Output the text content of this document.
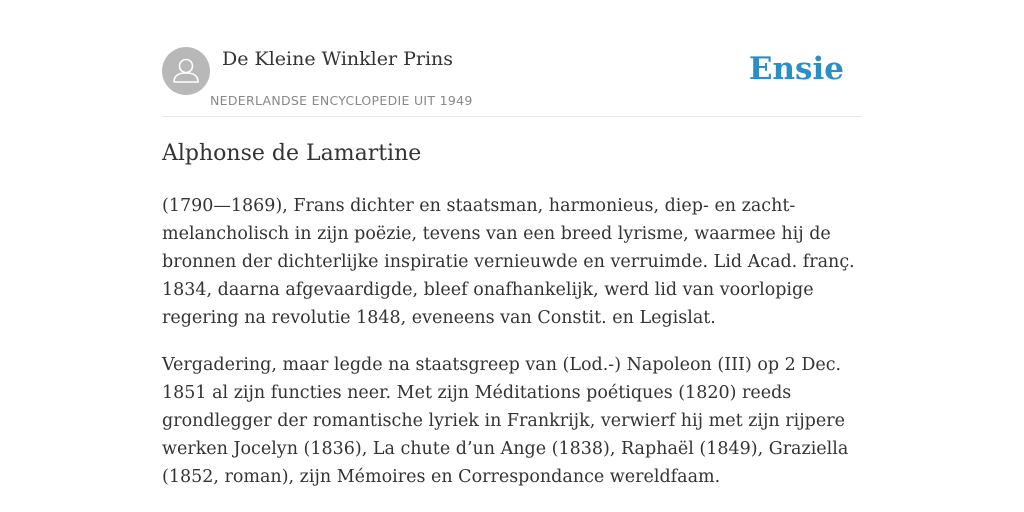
De Kleine Winkler Prins
NEDERLANDSE ENCYCLOPEDIE UIT 1949
Ensie
Alphonse de Lamartine

(1790—1869), Frans dichter en staatsman, harmonieus, diep- en zacht-melancholisch in zijn poëzie, tevens van een breed lyrisme, waarmee hij de bronnen der dichterlijke inspiratie vernieuwde en verruimde. Lid Acad. franç. 1834, daarna afgevaardigde, bleef onafhankelijk, werd lid van voorlopige regering na revolutie 1848, eveneens van Constit. en Legislat.

Vergadering, maar legde na staatsgreep van (Lod.-) Napoleon (III) op 2 Dec. 1851 al zijn functies neer. Met zijn Méditations poétiques (1820) reeds grondlegger der romantische lyriek in Frankrijk, verwierf hij met zijn rijpere werken Jocelyn (1836), La chute d’un Ange (1838), Raphaël (1849), Graziella (1852, roman), zijn Mémoires en Correspondance wereldfaam.
